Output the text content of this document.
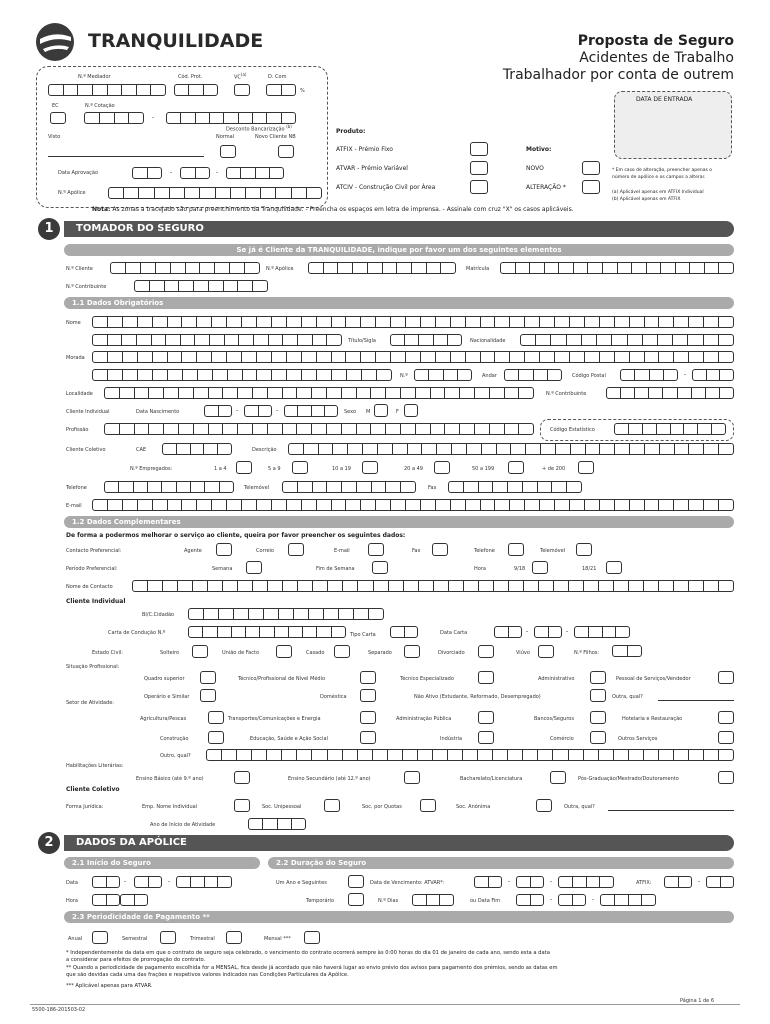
TRANQUILIDADE	Proposta de Seguro
Acidentes de Trabalho
Trabalhador por conta de outrem
N.º Mediador	Cód. Prot.	VC$^{(a)}$	D. Com
%
EC	N.º Cotação
-
Visto
Desconto Bancarização $^{(b)}$
Normal	Novo Cliente NB
Data Aprovação	-	-
N.º Apólice
Produto:
ATFIX - Prémio Fixo
ATVAR - Prémio Variável
ATCIV - Construção Civil por Área
Motivo:
NOVO
ALTERAÇÃO *
* Em caso de alteração, preencher apenas o
número de apólice e os campos a alterar.
(a) Aplicável apenas em ATFIX Individual
(b) Aplicável apenas em ATFIX
DATA DE ENTRADA
Nota: As zonas a tracejado são para preenchimento da Tranquilidade. - Preencha os espaços em letra de imprensa. - Assinale com cruz "X" os casos aplicáveis.
1	TOMADOR DO SEGURO
Se já é Cliente da TRANQUILIDADE, indique por favor um dos seguintes elementos
N.º Cliente	N.º Apólice	Matrícula
N.º Contribuinte
1.1 Dados Obrigatórios
Nome
Título/Sigla	Nacionalidade
Morada
N.º	Andar	Código Postal	-
Localidade	N.º Contribuinte
Cliente Individual	Data Nascimento	-	-	Sexo M	F
Profissão	Código Estatístico
Cliente Coletivo	CAE	Descrição
N.º Empregados:	1 a 4	5 a 9	10 a 19	20 a 49	50 a 199	+ de 200
Telefone	Telemóvel	Fax
E-mail
1.2 Dados Complementares
De forma a podermos melhorar o serviço ao cliente, queira por favor preencher os seguintes dados:
Contacto Preferencial:	Agente	Correio	E-mail	Fax	Telefone	Telemóvel
Período Preferencial:	Semana	Fim de Semana	Hora	9/18	18/21
Nome de Contacto
Cliente Individual
BI/C.Cidadão
Carta de Condução N.º	Tipo Carta	Data Carta	-	-
Estado Civil:	Solteiro	União de Facto	Casado	Separado	Divorciado	Viúvo	N.º Filhos:
Situação Profissional:
Quadro superior	Técnico/Profissional de Nível Médio	Técnico Especializado	Administrativo	Pessoal de Serviços/Vendedor
Operário e Similar	Doméstica	Não Ativo (Estudante, Reformado, Desempregado)	Outra, qual?
Setor de Atividade:
Agricultura/Pescas	Transportes/Comunicações e Energia	Administração Pública	Bancos/Seguros	Hotelaria e Restauração
Construção	Educação, Saúde e Ação Social	Indústria	Comércio	Outros Serviços
Outro, qual?
Habilitações Literárias:
Ensino Básico (até 9.º ano)	Ensino Secundário (até 12.º ano)	Bacharelato/Licenciatura	Pós-Graduação/Mestrado/Doutoramento
Cliente Coletivo
Forma Jurídica:	Emp. Nome Individual	Soc. Unipessoal	Soc. por Quotas	Soc. Anónima	Outra, qual?
Ano de Início de Atividade
2	DADOS DA APÓLICE
2.1 Início do Seguro	2.2 Duração do Seguro
Data	-	-	Um Ano e Seguintes	Data de Vencimento: ATVAR*:	-	-	ATFIX:	-
Hora	Temporário	N.º Dias	ou Data Fim	-	-
2.3 Periodicidade de Pagamento **
Anual	Semestral	Trimestral	Mensal ***
* Independentemente da data em que o contrato de seguro seja celebrado, o vencimento do contrato ocorrerá sempre às 0:00 horas do dia 01 de janeiro de cada ano, sendo esta a data
a considerar para efeitos de prorrogação do contrato.
** Quando a periodicidade de pagamento escolhida for a MENSAL, fica desde já acordado que não haverá lugar ao envio prévio dos avisos para pagamento dos prémios, sendo as datas em
que são devidas cada uma das frações e respetivos valores indicados nas Condições Particulares da Apólice.
*** Aplicável apenas para ATVAR.
5500-186-201503-02
Página 1 de 6
